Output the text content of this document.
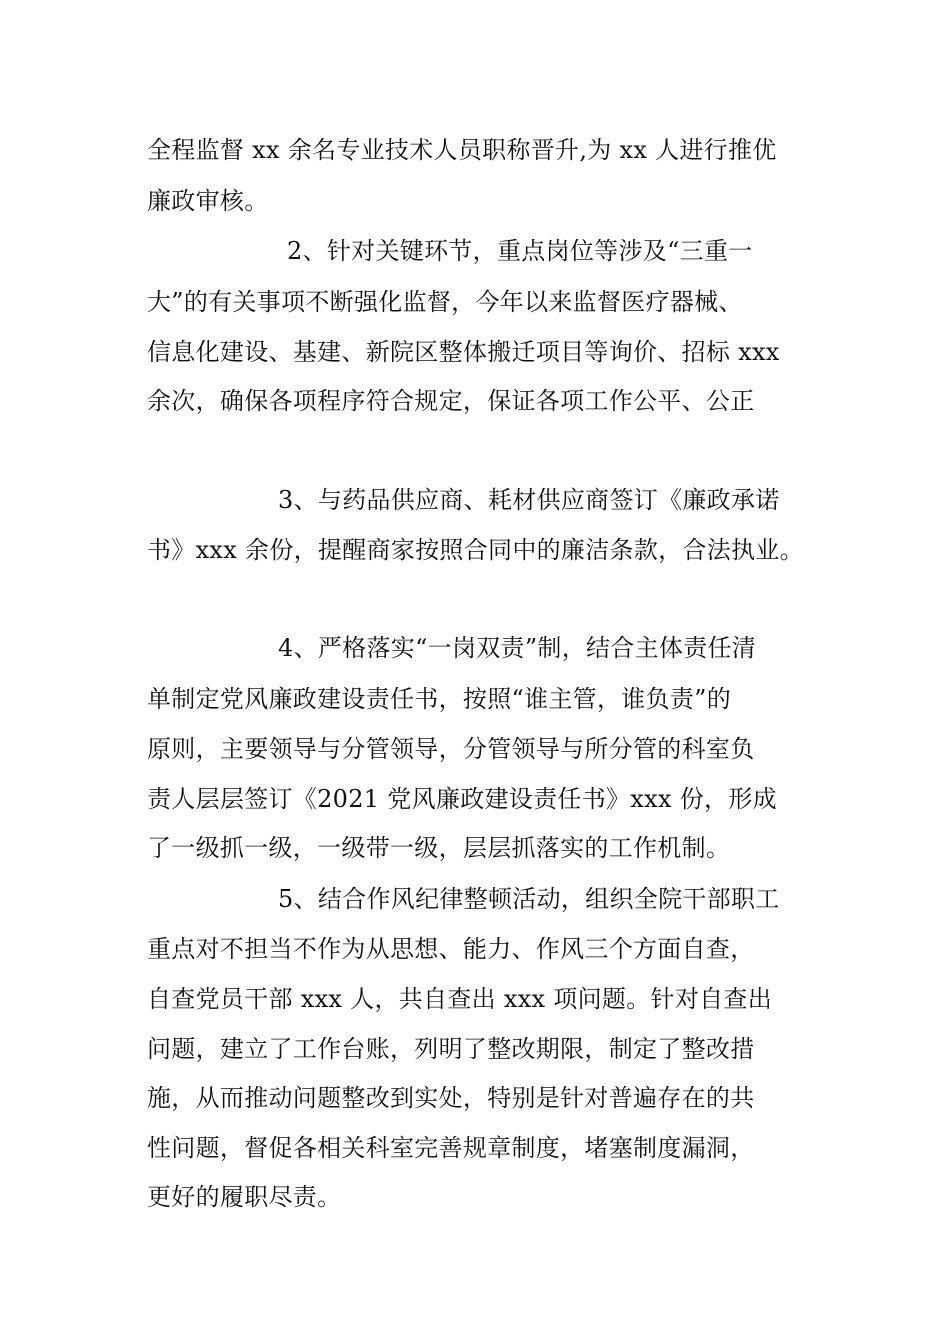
全程监督 xx 余名专业技术人员职称晋升,为 xx 人进行推优
廉政审核。
2、针对关键环节，重点岗位等涉及“三重一
大”的有关事项不断强化监督，今年以来监督医疗器械、
信息化建设、基建、新院区整体搬迁项目等询价、招标 xxx
余次，确保各项程序符合规定，保证各项工作公平、公正
3、与药品供应商、耗材供应商签订《廉政承诺
书》xxx 余份，提醒商家按照合同中的廉洁条款，合法执业。
4、严格落实“一岗双责”制，结合主体责任清
单制定党风廉政建设责任书，按照“谁主管，谁负责”的
原则，主要领导与分管领导，分管领导与所分管的科室负
责人层层签订《2021 党风廉政建设责任书》xxx 份，形成
了一级抓一级，一级带一级，层层抓落实的工作机制。
5、结合作风纪律整顿活动，组织全院干部职工
重点对不担当不作为从思想、能力、作风三个方面自查，
自查党员干部 xxx 人，共自查出 xxx 项问题。针对自查出
问题，建立了工作台账，列明了整改期限，制定了整改措
施，从而推动问题整改到实处，特别是针对普遍存在的共
性问题，督促各相关科室完善规章制度，堵塞制度漏洞，
更好的履职尽责。
